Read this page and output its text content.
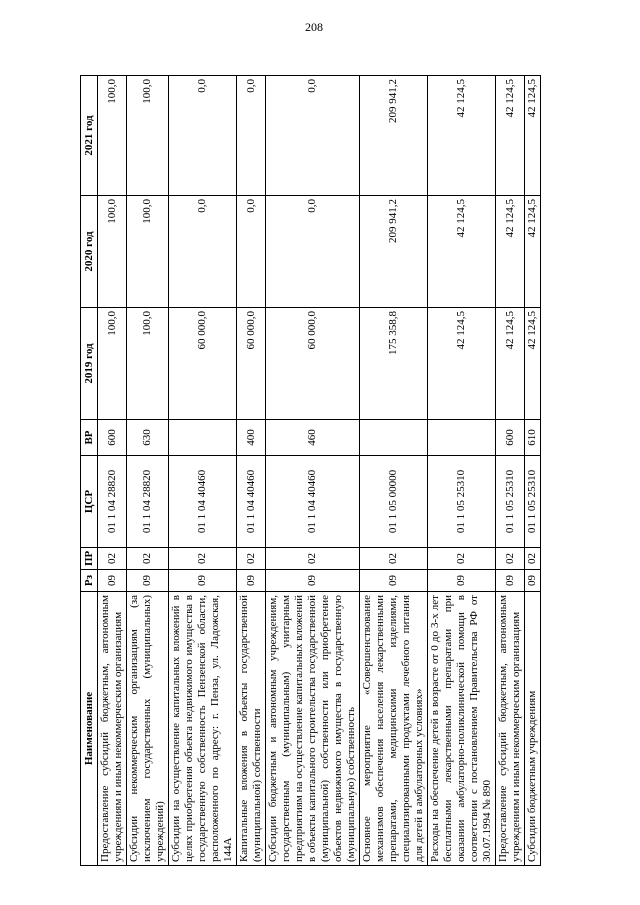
208
Наименование	Рз	ПР	ЦСР	ВР	2019 год	2020 год	2021 год
Предоставление субсидий бюджетным, автономным учреждениям и иным некоммерческим организациям	09	02	01 1 04 28820	600	100,0	100,0	100,0
Субсидии некоммерческим организациям (за исключением государственных (муниципальных) учреждений)	09	02	01 1 04 28820	630	100,0	100,0	100,0
Субсидии на осуществление капитальных вложений в целях приобретения объекта недвижимого имущества в государственную собственность Пензенской области, расположенного по адресу: г. Пенза, ул. Ладожская, 144А	09	02	01 1 04 40460		60 000,0	0,0	0,0
Капитальные вложения в объекты государственной (муниципальной) собственности	09	02	01 1 04 40460	400	60 000,0	0,0	0,0
Субсидии бюджетным и автономным учреждениям, государственным (муниципальным) унитарным предприятиям на осуществление капитальных вложений в объекты капитального строительства государственной (муниципальной) собственности или приобретение объектов недвижимого имущества в государственную (муниципальную) собственность	09	02	01 1 04 40460	460	60 000,0	0,0	0,0
Основное мероприятие «Совершенствование механизмов обеспечения населения лекарственными препаратами, медицинскими изделиями, специализированными продуктами лечебного питания для детей в амбулаторных условиях»	09	02	01 1 05 00000		175 358,8	209 941,2	209 941,2
Расходы на обеспечение детей в возрасте от 0 до 3-х лет бесплатными лекарственными препаратами при оказании амбулаторно-поликлинической помощи в соответствии с постановлением Правительства РФ от 30.07.1994 № 890	09	02	01 1 05 25310		42 124,5	42 124,5	42 124,5
Предоставление субсидий бюджетным, автономным учреждениям и иным некоммерческим организациям	09	02	01 1 05 25310	600	42 124,5	42 124,5	42 124,5
Субсидии бюджетным учреждениям	09	02	01 1 05 25310	610	42 124,5	42 124,5	42 124,5
